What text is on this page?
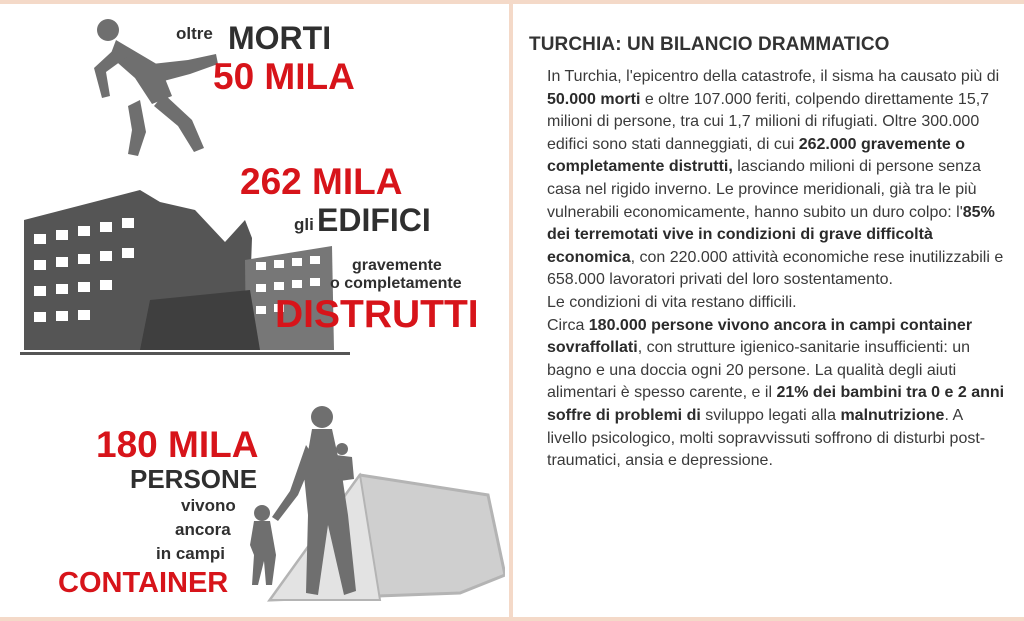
oltre MORTI
50 MILA
262 MILA
gli EDIFICI
gravemente
o completamente
DISTRUTTI
180 MILA
PERSONE
vivono
ancora
in campi
CONTAINER
TURCHIA: UN BILANCIO DRAMMATICO

In Turchia, l'epicentro della catastrofe, il sisma ha causato più di 50.000 morti e oltre 107.000 feriti, colpendo direttamente 15,7 milioni di persone, tra cui 1,7 milioni di rifugiati. Oltre 300.000 edifici sono stati danneggiati, di cui 262.000 gravemente o completamente distrutti, lasciando milioni di persone senza casa nel rigido inverno. Le province meridionali, già tra le più vulnerabili economicamente, hanno subito un duro colpo: l'85% dei terremotati vive in condizioni di grave difficoltà economica, con 220.000 attività economiche rese inutilizzabili e 658.000 lavoratori privati del loro sostentamento.

Le condizioni di vita restano difficili.

Circa 180.000 persone vivono ancora in campi container sovraffollati, con strutture igienico-sanitarie insufficienti: un bagno e una doccia ogni 20 persone. La qualità degli aiuti alimentari è spesso carente, e il 21% dei bambini tra 0 e 2 anni soffre di problemi di sviluppo legati alla malnutrizione. A livello psicologico, molti sopravvissuti soffrono di disturbi post-traumatici, ansia e depressione.
